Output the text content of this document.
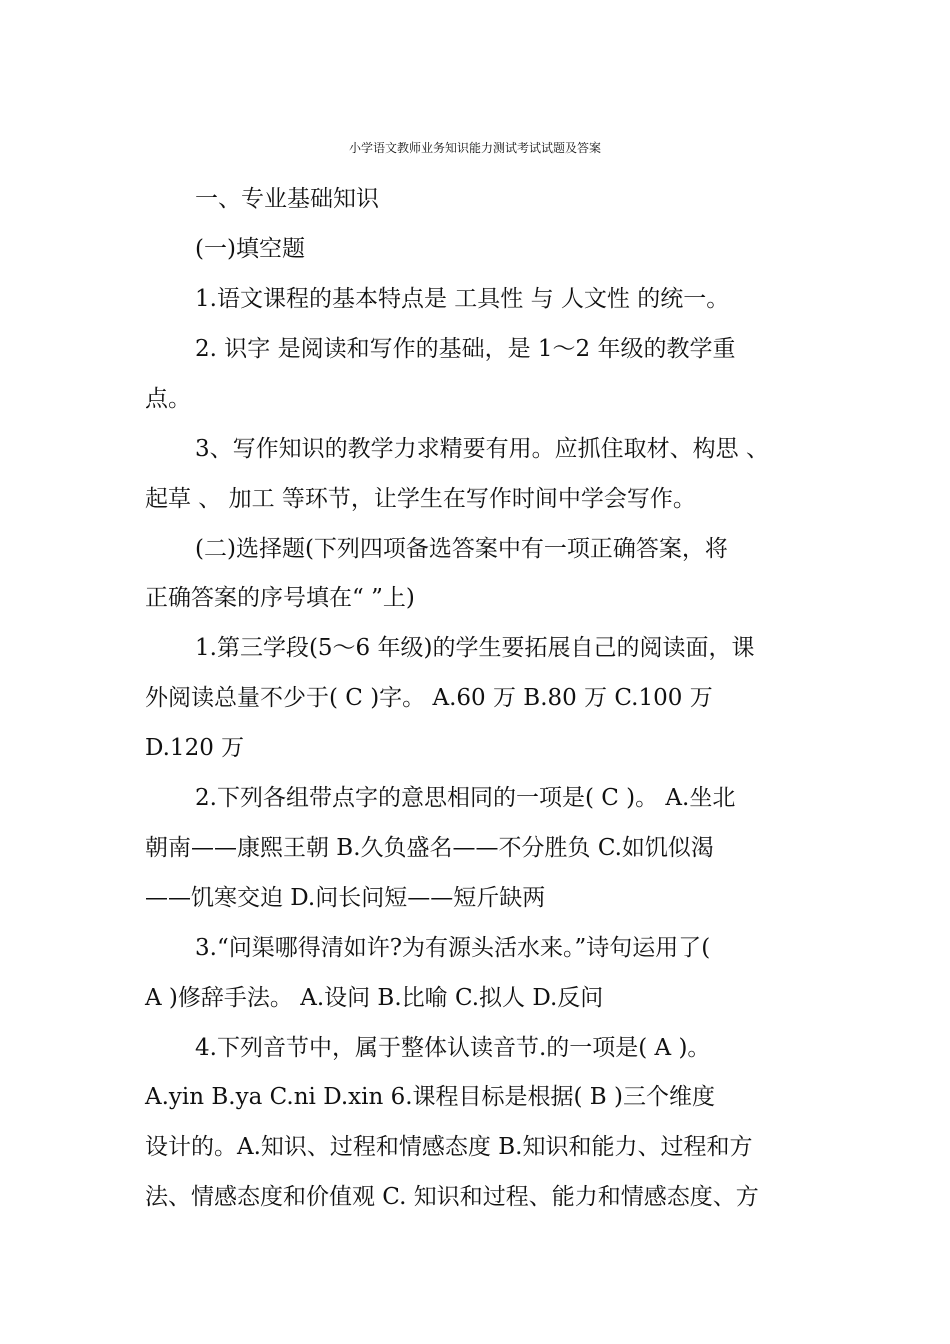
小学语文教师业务知识能力测试考试试题及答案
一、专业基础知识
(一)填空题
1.语文课程的基本特点是 工具性 与 人文性 的统一。
2. 识字 是阅读和写作的基础，是 1～2 年级的教学重
点。
3、写作知识的教学力求精要有用。应抓住取材、构思 、
起草 、 加工 等环节，让学生在写作时间中学会写作。
(二)选择题(下列四项备选答案中有一项正确答案，将
正确答案的序号填在“ ”上)
1.第三学段(5～6 年级)的学生要拓展自己的阅读面，课
外阅读总量不少于( C )字。 A.60 万 B.80 万 C.100 万
D.120 万
2.下列各组带点字的意思相同的一项是( C )。 A.坐北
朝南——康熙王朝 B.久负盛名——不分胜负 C.如饥似渴
——饥寒交迫 D.问长问短——短斤缺两
3.“问渠哪得清如许?为有源头活水来。”诗句运用了(
A )修辞手法。 A.设问 B.比喻 C.拟人 D.反问
4.下列音节中，属于整体认读音节.的一项是( A )。
A.yin B.ya C.ni D.xin 6.课程目标是根据( B )三个维度
设计的。A.知识、过程和情感态度 B.知识和能力、过程和方
法、情感态度和价值观 C. 知识和过程、能力和情感态度、方
